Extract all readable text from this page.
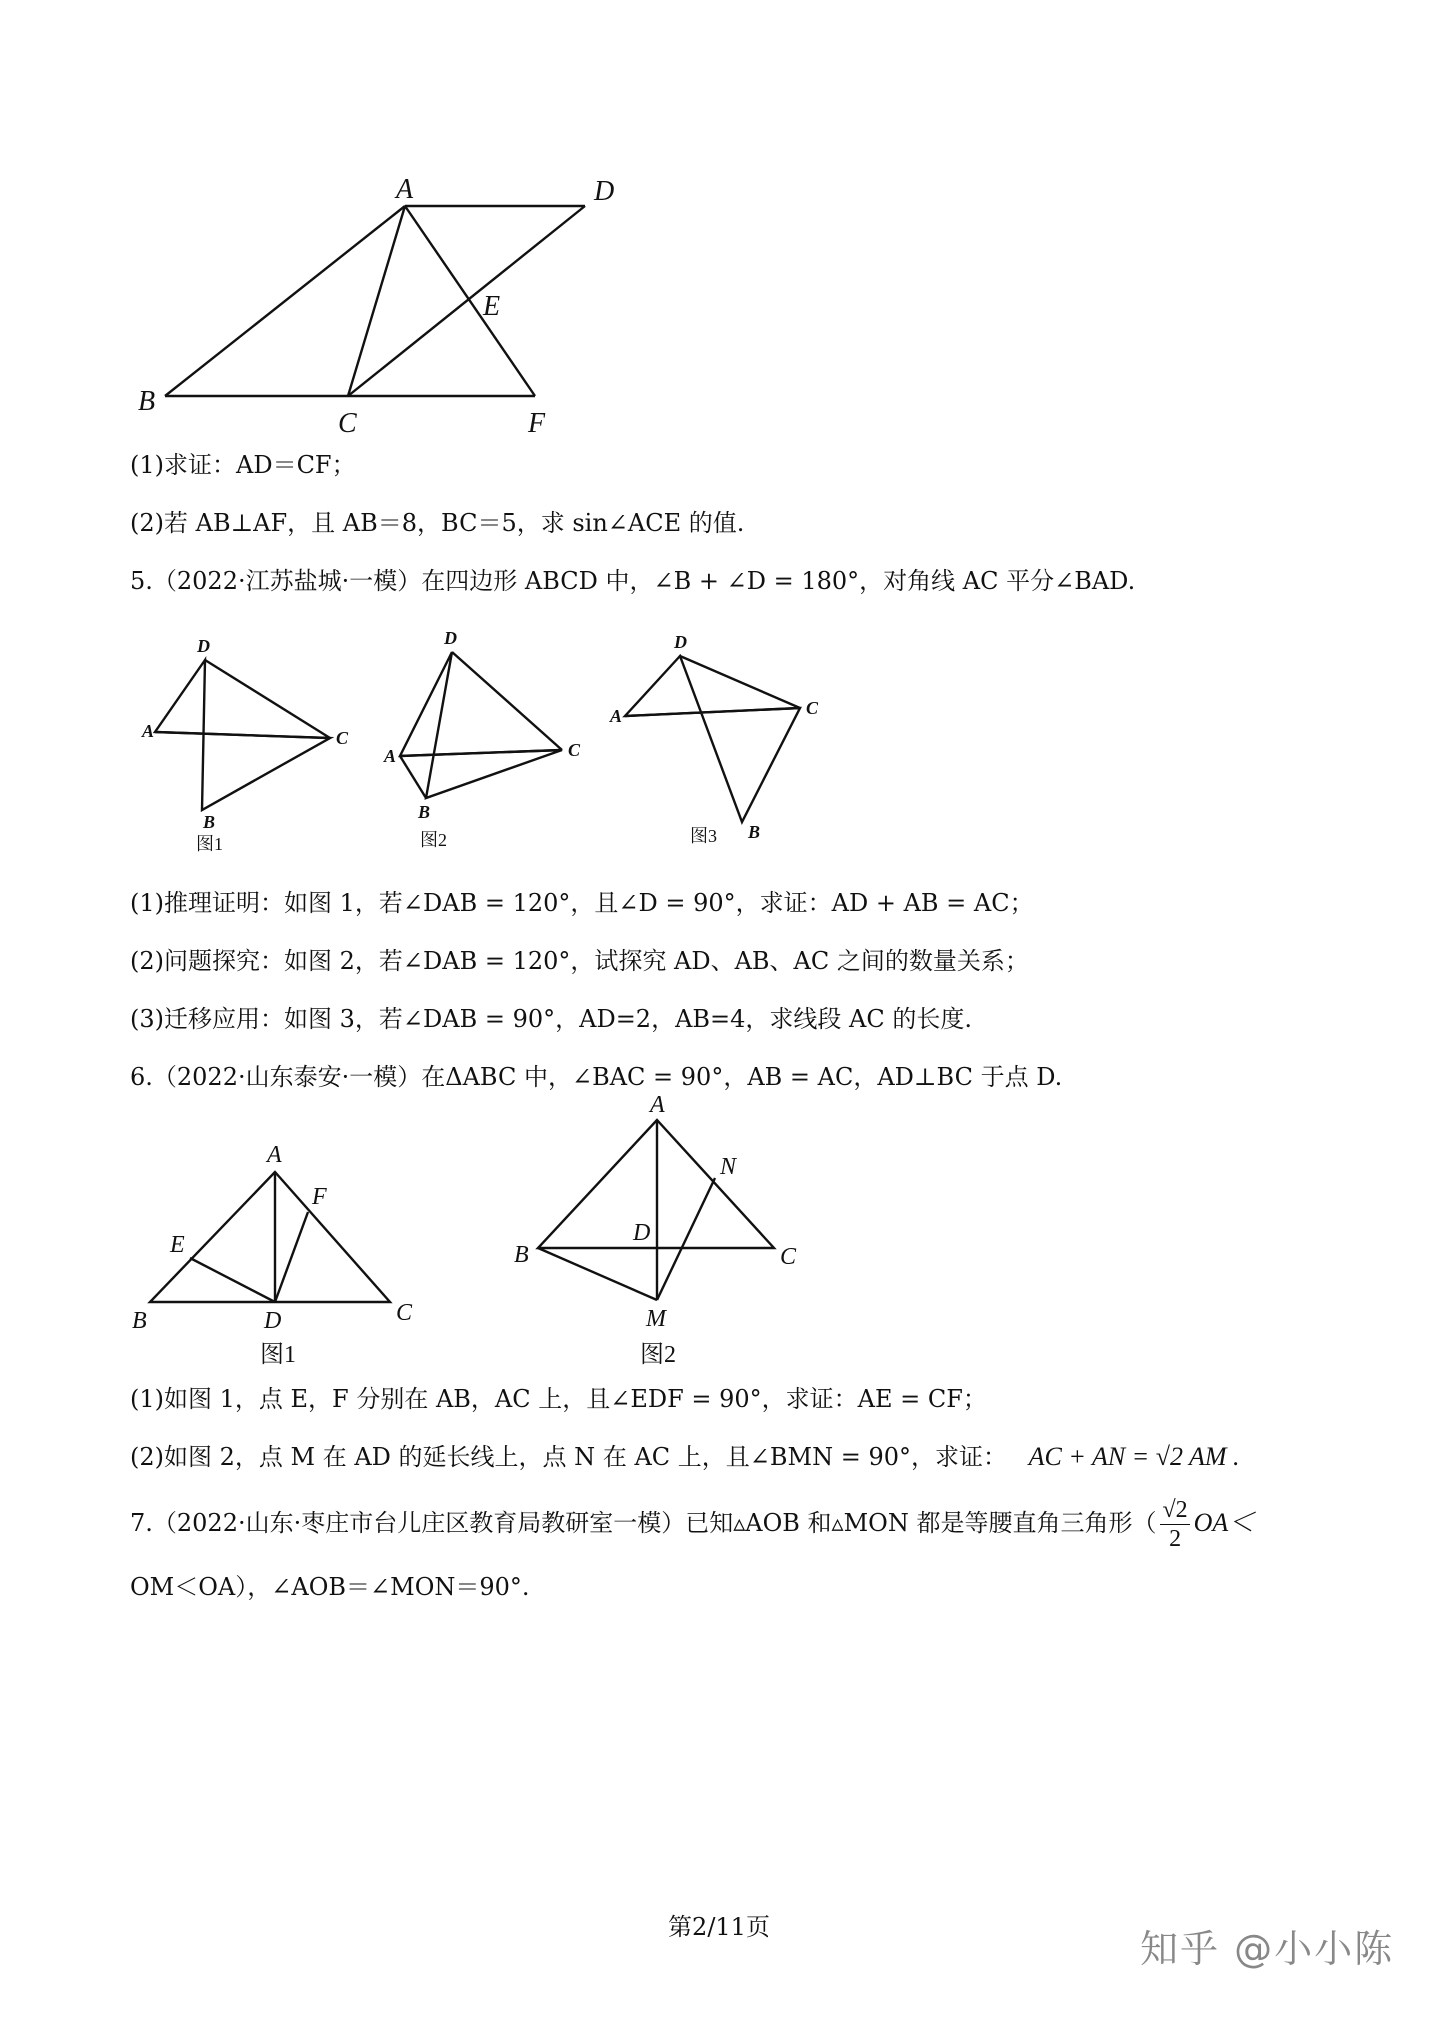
A	D
E
B
C	F
(1)求证：AD＝CF；
(2)若 AB⊥AF，且 AB＝8，BC＝5，求 sin∠ACE 的值.
5.（2022·江苏盐城·一模）在四边形 ABCD 中，∠B + ∠D = 180°，对角线 AC 平分∠BAD.
D
A	C
B
图1
D
A	C
B
图2
D
A	C
B
图3
(1)推理证明：如图 1，若∠DAB = 120°，且∠D = 90°，求证：AD + AB = AC；
(2)问题探究：如图 2，若∠DAB = 120°，试探究 AD、AB、AC 之间的数量关系；
(3)迁移应用：如图 3，若∠DAB = 90°，AD=2，AB=4，求线段 AC 的长度.
6.（2022·山东泰安·一模）在ΔABC 中，∠BAC = 90°，AB = AC，AD⊥BC 于点 D.
A
F
E
B	D	C
图1
A
N
D
B	C
M
图2
(1)如图 1，点 E，F 分别在 AB，AC 上，且∠EDF = 90°，求证：AE = CF；
(2)如图 2，点 M 在 AD 的延长线上，点 N 在 AC 上，且∠BMN = 90°，求证： AC + AN = √2 AM .
7.（2022·山东·枣庄市台儿庄区教育局教研室一模）已知▵AOB 和▵MON 都是等腰直角三角形（ $\frac{√2}{2} OA<$
OM＜OA），∠AOB＝∠MON＝90°.
第2/11页	知乎 @小小陈
